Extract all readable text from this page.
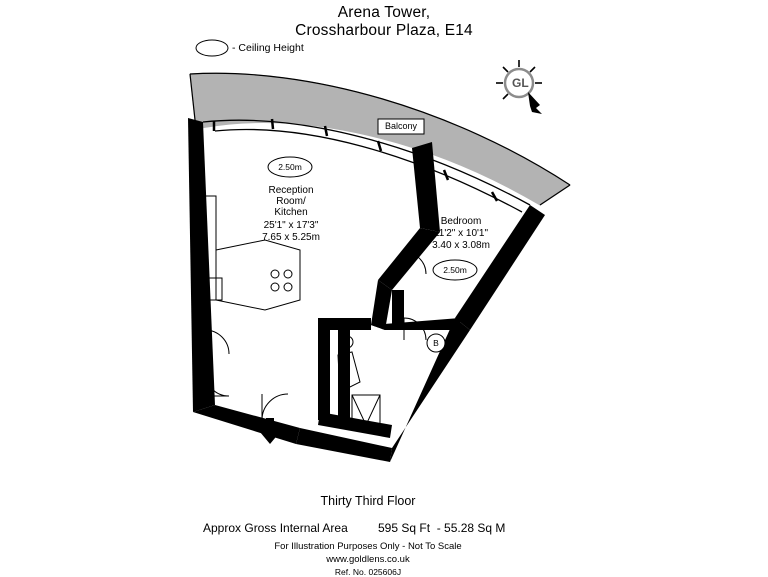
Arena Tower,
Crossharbour Plaza, E14
- Ceiling Height
Balcony
2.50m
2.50m
B
Reception
Room/
Kitchen
25'1" x 17'3"
7.65 x 5.25m
Bedroom
11'2" x 10'1"
3.40 x 3.08m
GL
Thirty Third Floor
Approx Gross Internal Area	595 Sq Ft  - 55.28 Sq M
For Illustration Purposes Only - Not To Scale
www.goldlens.co.uk
Ref. No. 025606J
